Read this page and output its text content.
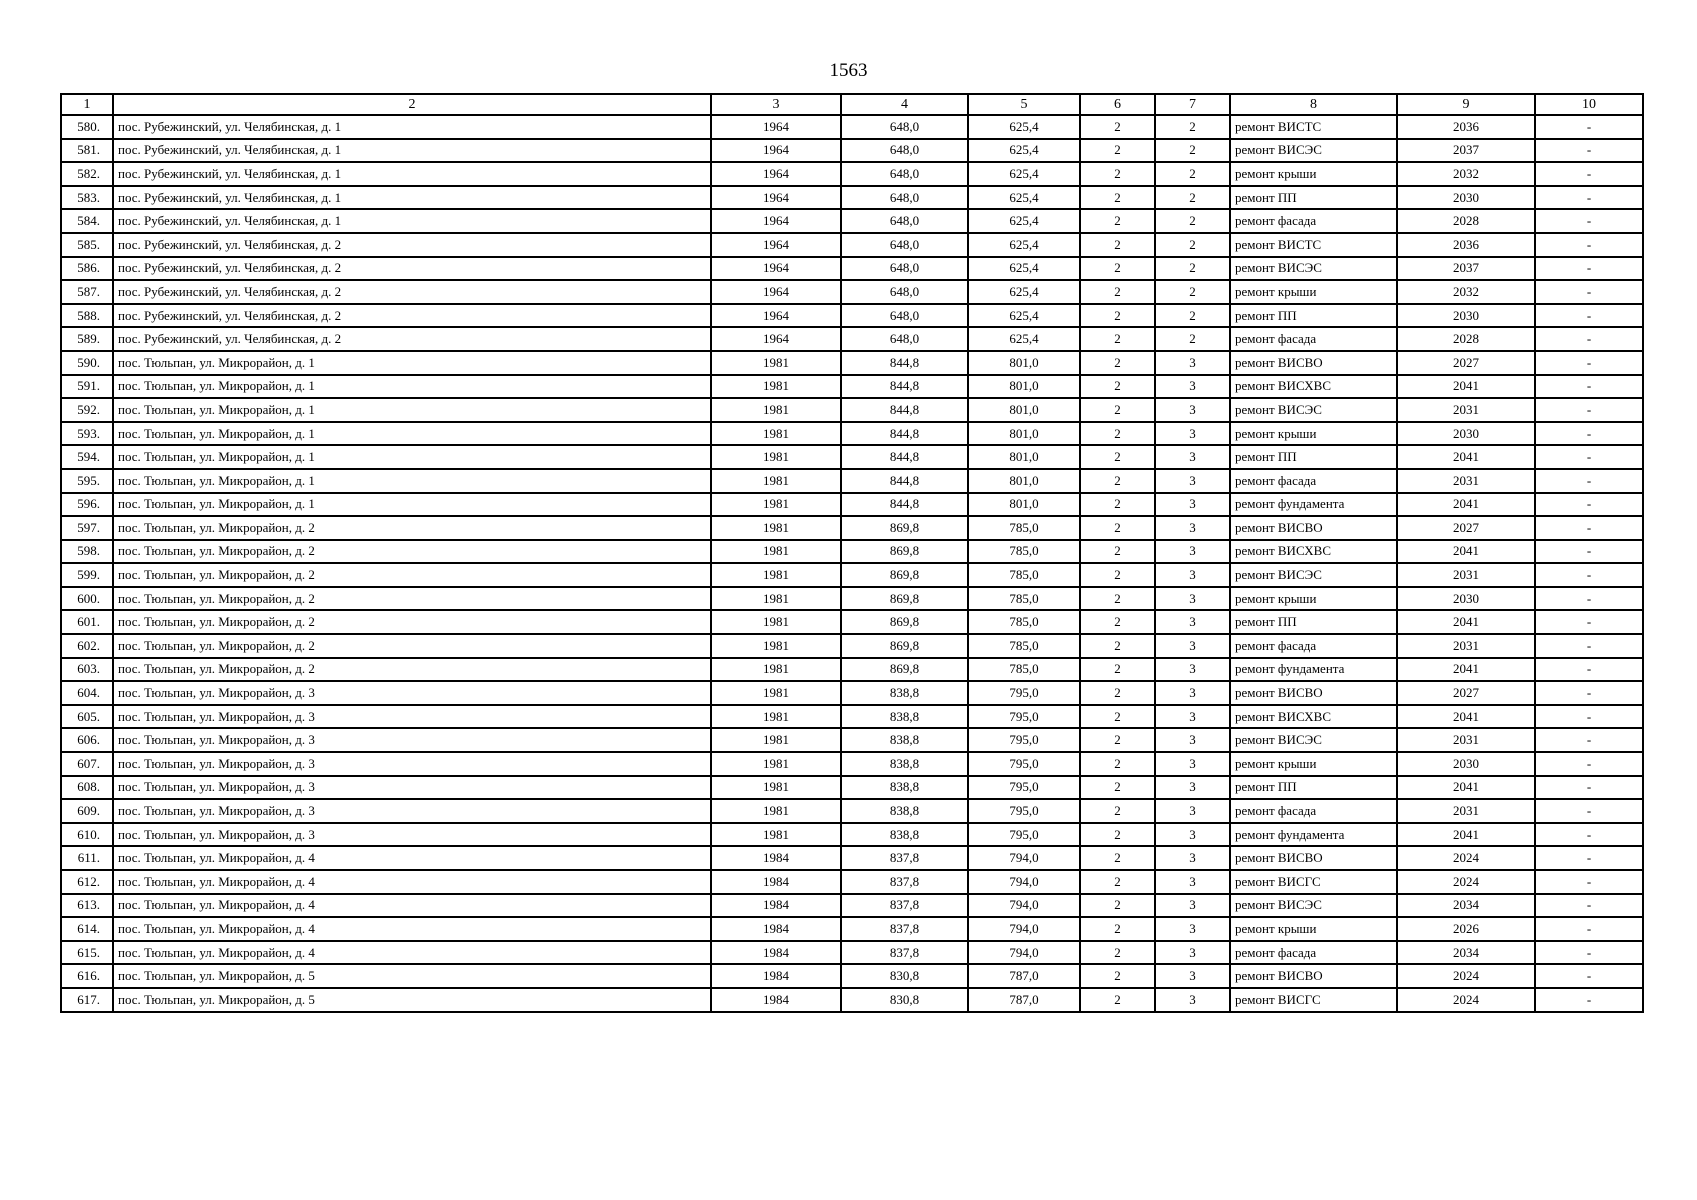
1563
1	2	3	4	5	6	7	8	9	10
580.	пос. Рубежинский, ул. Челябинская, д. 1	1964	648,0	625,4	2	2	ремонт ВИСТС	2036	-
581.	пос. Рубежинский, ул. Челябинская, д. 1	1964	648,0	625,4	2	2	ремонт ВИСЭС	2037	-
582.	пос. Рубежинский, ул. Челябинская, д. 1	1964	648,0	625,4	2	2	ремонт крыши	2032	-
583.	пос. Рубежинский, ул. Челябинская, д. 1	1964	648,0	625,4	2	2	ремонт ПП	2030	-
584.	пос. Рубежинский, ул. Челябинская, д. 1	1964	648,0	625,4	2	2	ремонт фасада	2028	-
585.	пос. Рубежинский, ул. Челябинская, д. 2	1964	648,0	625,4	2	2	ремонт ВИСТС	2036	-
586.	пос. Рубежинский, ул. Челябинская, д. 2	1964	648,0	625,4	2	2	ремонт ВИСЭС	2037	-
587.	пос. Рубежинский, ул. Челябинская, д. 2	1964	648,0	625,4	2	2	ремонт крыши	2032	-
588.	пос. Рубежинский, ул. Челябинская, д. 2	1964	648,0	625,4	2	2	ремонт ПП	2030	-
589.	пос. Рубежинский, ул. Челябинская, д. 2	1964	648,0	625,4	2	2	ремонт фасада	2028	-
590.	пос. Тюльпан, ул. Микрорайон, д. 1	1981	844,8	801,0	2	3	ремонт ВИСВО	2027	-
591.	пос. Тюльпан, ул. Микрорайон, д. 1	1981	844,8	801,0	2	3	ремонт ВИСХВС	2041	-
592.	пос. Тюльпан, ул. Микрорайон, д. 1	1981	844,8	801,0	2	3	ремонт ВИСЭС	2031	-
593.	пос. Тюльпан, ул. Микрорайон, д. 1	1981	844,8	801,0	2	3	ремонт крыши	2030	-
594.	пос. Тюльпан, ул. Микрорайон, д. 1	1981	844,8	801,0	2	3	ремонт ПП	2041	-
595.	пос. Тюльпан, ул. Микрорайон, д. 1	1981	844,8	801,0	2	3	ремонт фасада	2031	-
596.	пос. Тюльпан, ул. Микрорайон, д. 1	1981	844,8	801,0	2	3	ремонт фундамента	2041	-
597.	пос. Тюльпан, ул. Микрорайон, д. 2	1981	869,8	785,0	2	3	ремонт ВИСВО	2027	-
598.	пос. Тюльпан, ул. Микрорайон, д. 2	1981	869,8	785,0	2	3	ремонт ВИСХВС	2041	-
599.	пос. Тюльпан, ул. Микрорайон, д. 2	1981	869,8	785,0	2	3	ремонт ВИСЭС	2031	-
600.	пос. Тюльпан, ул. Микрорайон, д. 2	1981	869,8	785,0	2	3	ремонт крыши	2030	-
601.	пос. Тюльпан, ул. Микрорайон, д. 2	1981	869,8	785,0	2	3	ремонт ПП	2041	-
602.	пос. Тюльпан, ул. Микрорайон, д. 2	1981	869,8	785,0	2	3	ремонт фасада	2031	-
603.	пос. Тюльпан, ул. Микрорайон, д. 2	1981	869,8	785,0	2	3	ремонт фундамента	2041	-
604.	пос. Тюльпан, ул. Микрорайон, д. 3	1981	838,8	795,0	2	3	ремонт ВИСВО	2027	-
605.	пос. Тюльпан, ул. Микрорайон, д. 3	1981	838,8	795,0	2	3	ремонт ВИСХВС	2041	-
606.	пос. Тюльпан, ул. Микрорайон, д. 3	1981	838,8	795,0	2	3	ремонт ВИСЭС	2031	-
607.	пос. Тюльпан, ул. Микрорайон, д. 3	1981	838,8	795,0	2	3	ремонт крыши	2030	-
608.	пос. Тюльпан, ул. Микрорайон, д. 3	1981	838,8	795,0	2	3	ремонт ПП	2041	-
609.	пос. Тюльпан, ул. Микрорайон, д. 3	1981	838,8	795,0	2	3	ремонт фасада	2031	-
610.	пос. Тюльпан, ул. Микрорайон, д. 3	1981	838,8	795,0	2	3	ремонт фундамента	2041	-
611.	пос. Тюльпан, ул. Микрорайон, д. 4	1984	837,8	794,0	2	3	ремонт ВИСВО	2024	-
612.	пос. Тюльпан, ул. Микрорайон, д. 4	1984	837,8	794,0	2	3	ремонт ВИСГС	2024	-
613.	пос. Тюльпан, ул. Микрорайон, д. 4	1984	837,8	794,0	2	3	ремонт ВИСЭС	2034	-
614.	пос. Тюльпан, ул. Микрорайон, д. 4	1984	837,8	794,0	2	3	ремонт крыши	2026	-
615.	пос. Тюльпан, ул. Микрорайон, д. 4	1984	837,8	794,0	2	3	ремонт фасада	2034	-
616.	пос. Тюльпан, ул. Микрорайон, д. 5	1984	830,8	787,0	2	3	ремонт ВИСВО	2024	-
617.	пос. Тюльпан, ул. Микрорайон, д. 5	1984	830,8	787,0	2	3	ремонт ВИСГС	2024	-
